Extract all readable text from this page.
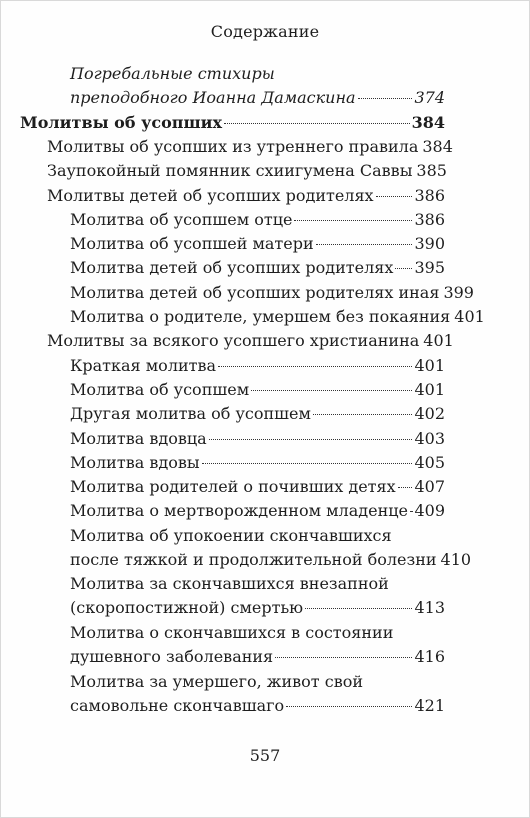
Содержание
Погребальные стихиры
преподобного Иоанна Дамаскина	374
Молитвы об усопших	384
Молитвы об усопших из утреннего правила 384
Заупокойный помянник схиигумена Саввы 385
Молитвы детей об усопших родителях	386
Молитва об усопшем отце	386
Молитва об усопшей матери	390
Молитва детей об усопших родителях 395
Молитва детей об усопших родителях иная 399
Молитва о родителе, умершем без покаяния 401
Молитвы за всякого усопшего христианина 401
Краткая молитва	401
Молитва об усопшем	401
Другая молитва об усопшем	402
Молитва вдовца	403
Молитва вдовы	405
Молитва родителей о почивших детях 407
Молитва о мертворожденном младенце 409
Молитва об упокоении скончавшихся
после тяжкой и продолжительной болезни 410
Молитва за скончавшихся внезапной
(скоропостижной) смертью	413
Молитва о скончавшихся в состоянии
душевного заболевания	416
Молитва за умершего, живот свой
самовольне скончавшаго	421
557
